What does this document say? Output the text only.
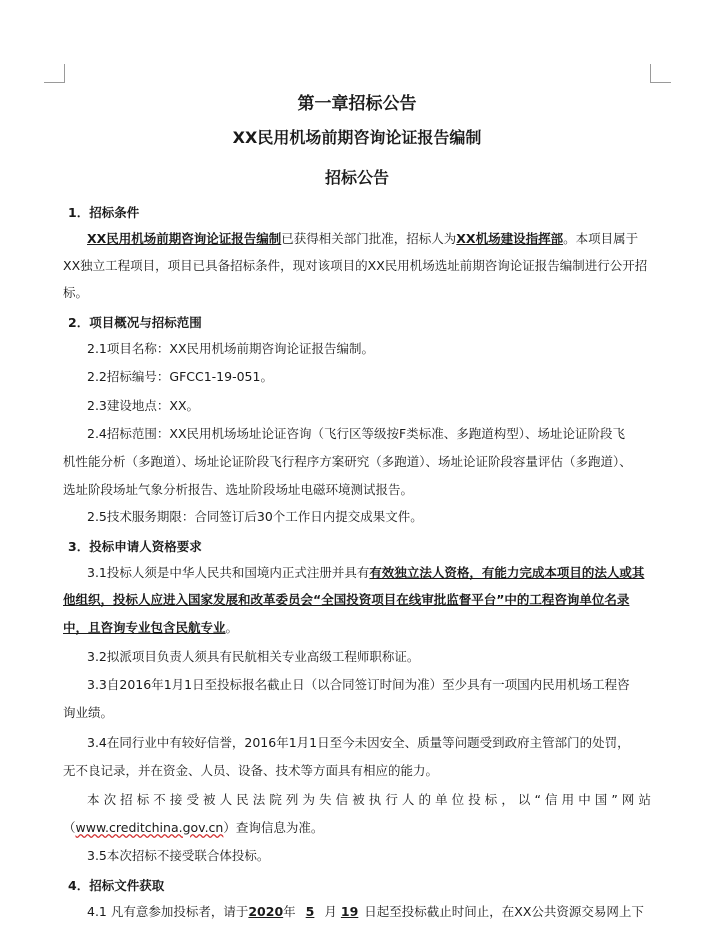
第一章招标公告
XX民用机场前期咨询论证报告编制
招标公告
1．招标条件
XX民用机场前期咨询论证报告编制已获得相关部门批准，招标人为XX机场建设指挥部。本项目属于
XX独立工程项目，项目已具备招标条件，现对该项目的XX民用机场选址前期咨询论证报告编制进行公开招
标。
2．项目概况与招标范围
2.1项目名称：XX民用机场前期咨询论证报告编制。
2.2招标编号：GFCC1-19-051。
2.3建设地点：XX。
2.4招标范围：XX民用机场场址论证咨询（飞行区等级按F类标准、多跑道构型）、场址论证阶段飞
机性能分析（多跑道）、场址论证阶段飞行程序方案研究（多跑道）、场址论证阶段容量评估（多跑道）、
选址阶段场址气象分析报告、选址阶段场址电磁环境测试报告。
2.5技术服务期限：合同签订后30个工作日内提交成果文件。
3．投标申请人资格要求
3.1投标人须是中华人民共和国境内正式注册并具有有效独立法人资格，有能力完成本项目的法人或其
他组织，投标人应进入国家发展和改革委员会“全国投资项目在线审批监督平台”中的工程咨询单位名录
中，且咨询专业包含民航专业。
3.2拟派项目负责人须具有民航相关专业高级工程师职称证。
3.3自2016年1月1日至投标报名截止日（以合同签订时间为准）至少具有一项国内民用机场工程咨
询业绩。
3.4在同行业中有较好信誉，2016年1月1日至今未因安全、质量等问题受到政府主管部门的处罚，
无不良记录，并在资金、人员、设备、技术等方面具有相应的能力。
本次招标不接受被人民法院列为失信被执行人的单位投标，以“信用中国”网站
（www.creditchina.gov.cn）查询信息为准。
3.5本次招标不接受联合体投标。
4．招标文件获取
4.1 凡有意参加投标者，请于2020年 5 月 19 日起至投标截止时间止，在XX公共资源交易网上下
